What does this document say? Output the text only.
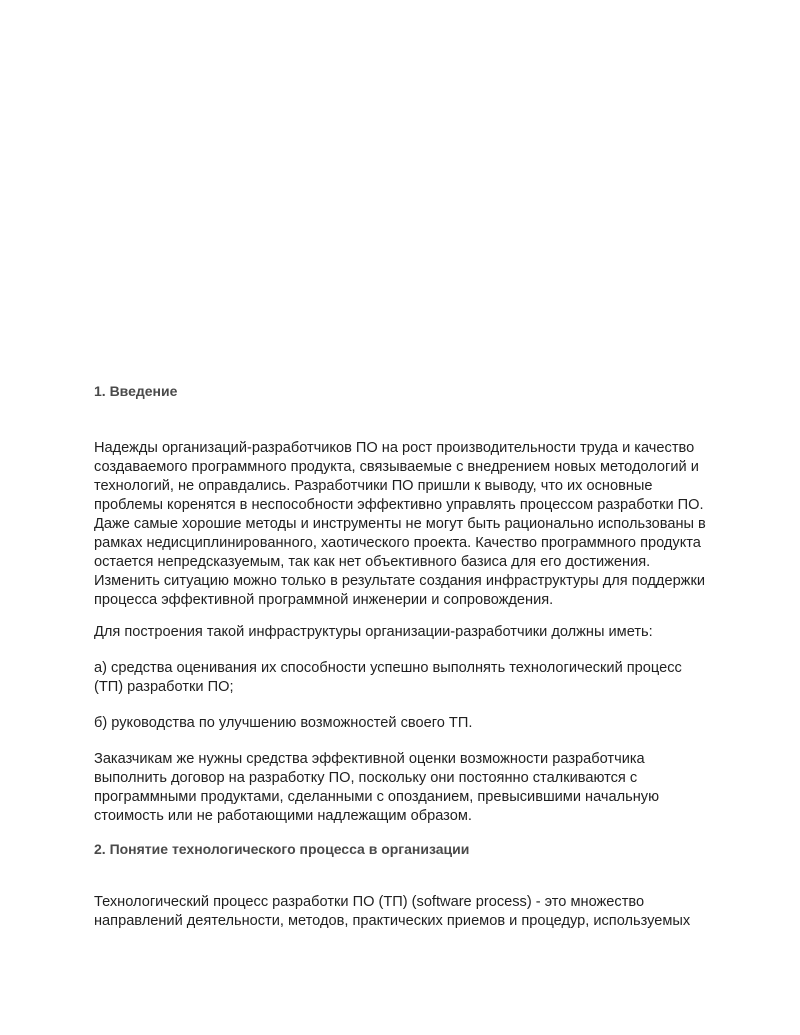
1. Введение

Надежды организаций-разработчиков ПО на рост производительности труда и качество создаваемого программного продукта, связываемые с внедрением новых методологий и технологий, не оправдались. Разработчики ПО пришли к выводу, что их основные проблемы коренятся в неспособности эффективно управлять процессом разработки ПО. Даже самые хорошие методы и инструменты не могут быть рационально использованы в рамках недисциплинированного, хаотического проекта. Качество программного продукта остается непредсказуемым, так как нет объективного базиса для его достижения. Изменить ситуацию можно только в результате создания инфраструктуры для поддержки процесса эффективной программной инженерии и сопровождения.

Для построения такой инфраструктуры организации-разработчики должны иметь:

а) средства оценивания их способности успешно выполнять технологический процесс (ТП) разработки ПО;

б) руководства по улучшению возможностей своего ТП.

Заказчикам же нужны средства эффективной оценки возможности разработчика выполнить договор на разработку ПО, поскольку они постоянно сталкиваются с программными продуктами, сделанными с опозданием, превысившими начальную стоимость или не работающими надлежащим образом.

2. Понятие технологического процесса в организации

Технологический процесс разработки ПО (ТП) (software process) - это множество направлений деятельности, методов, практических приемов и процедур, используемых
